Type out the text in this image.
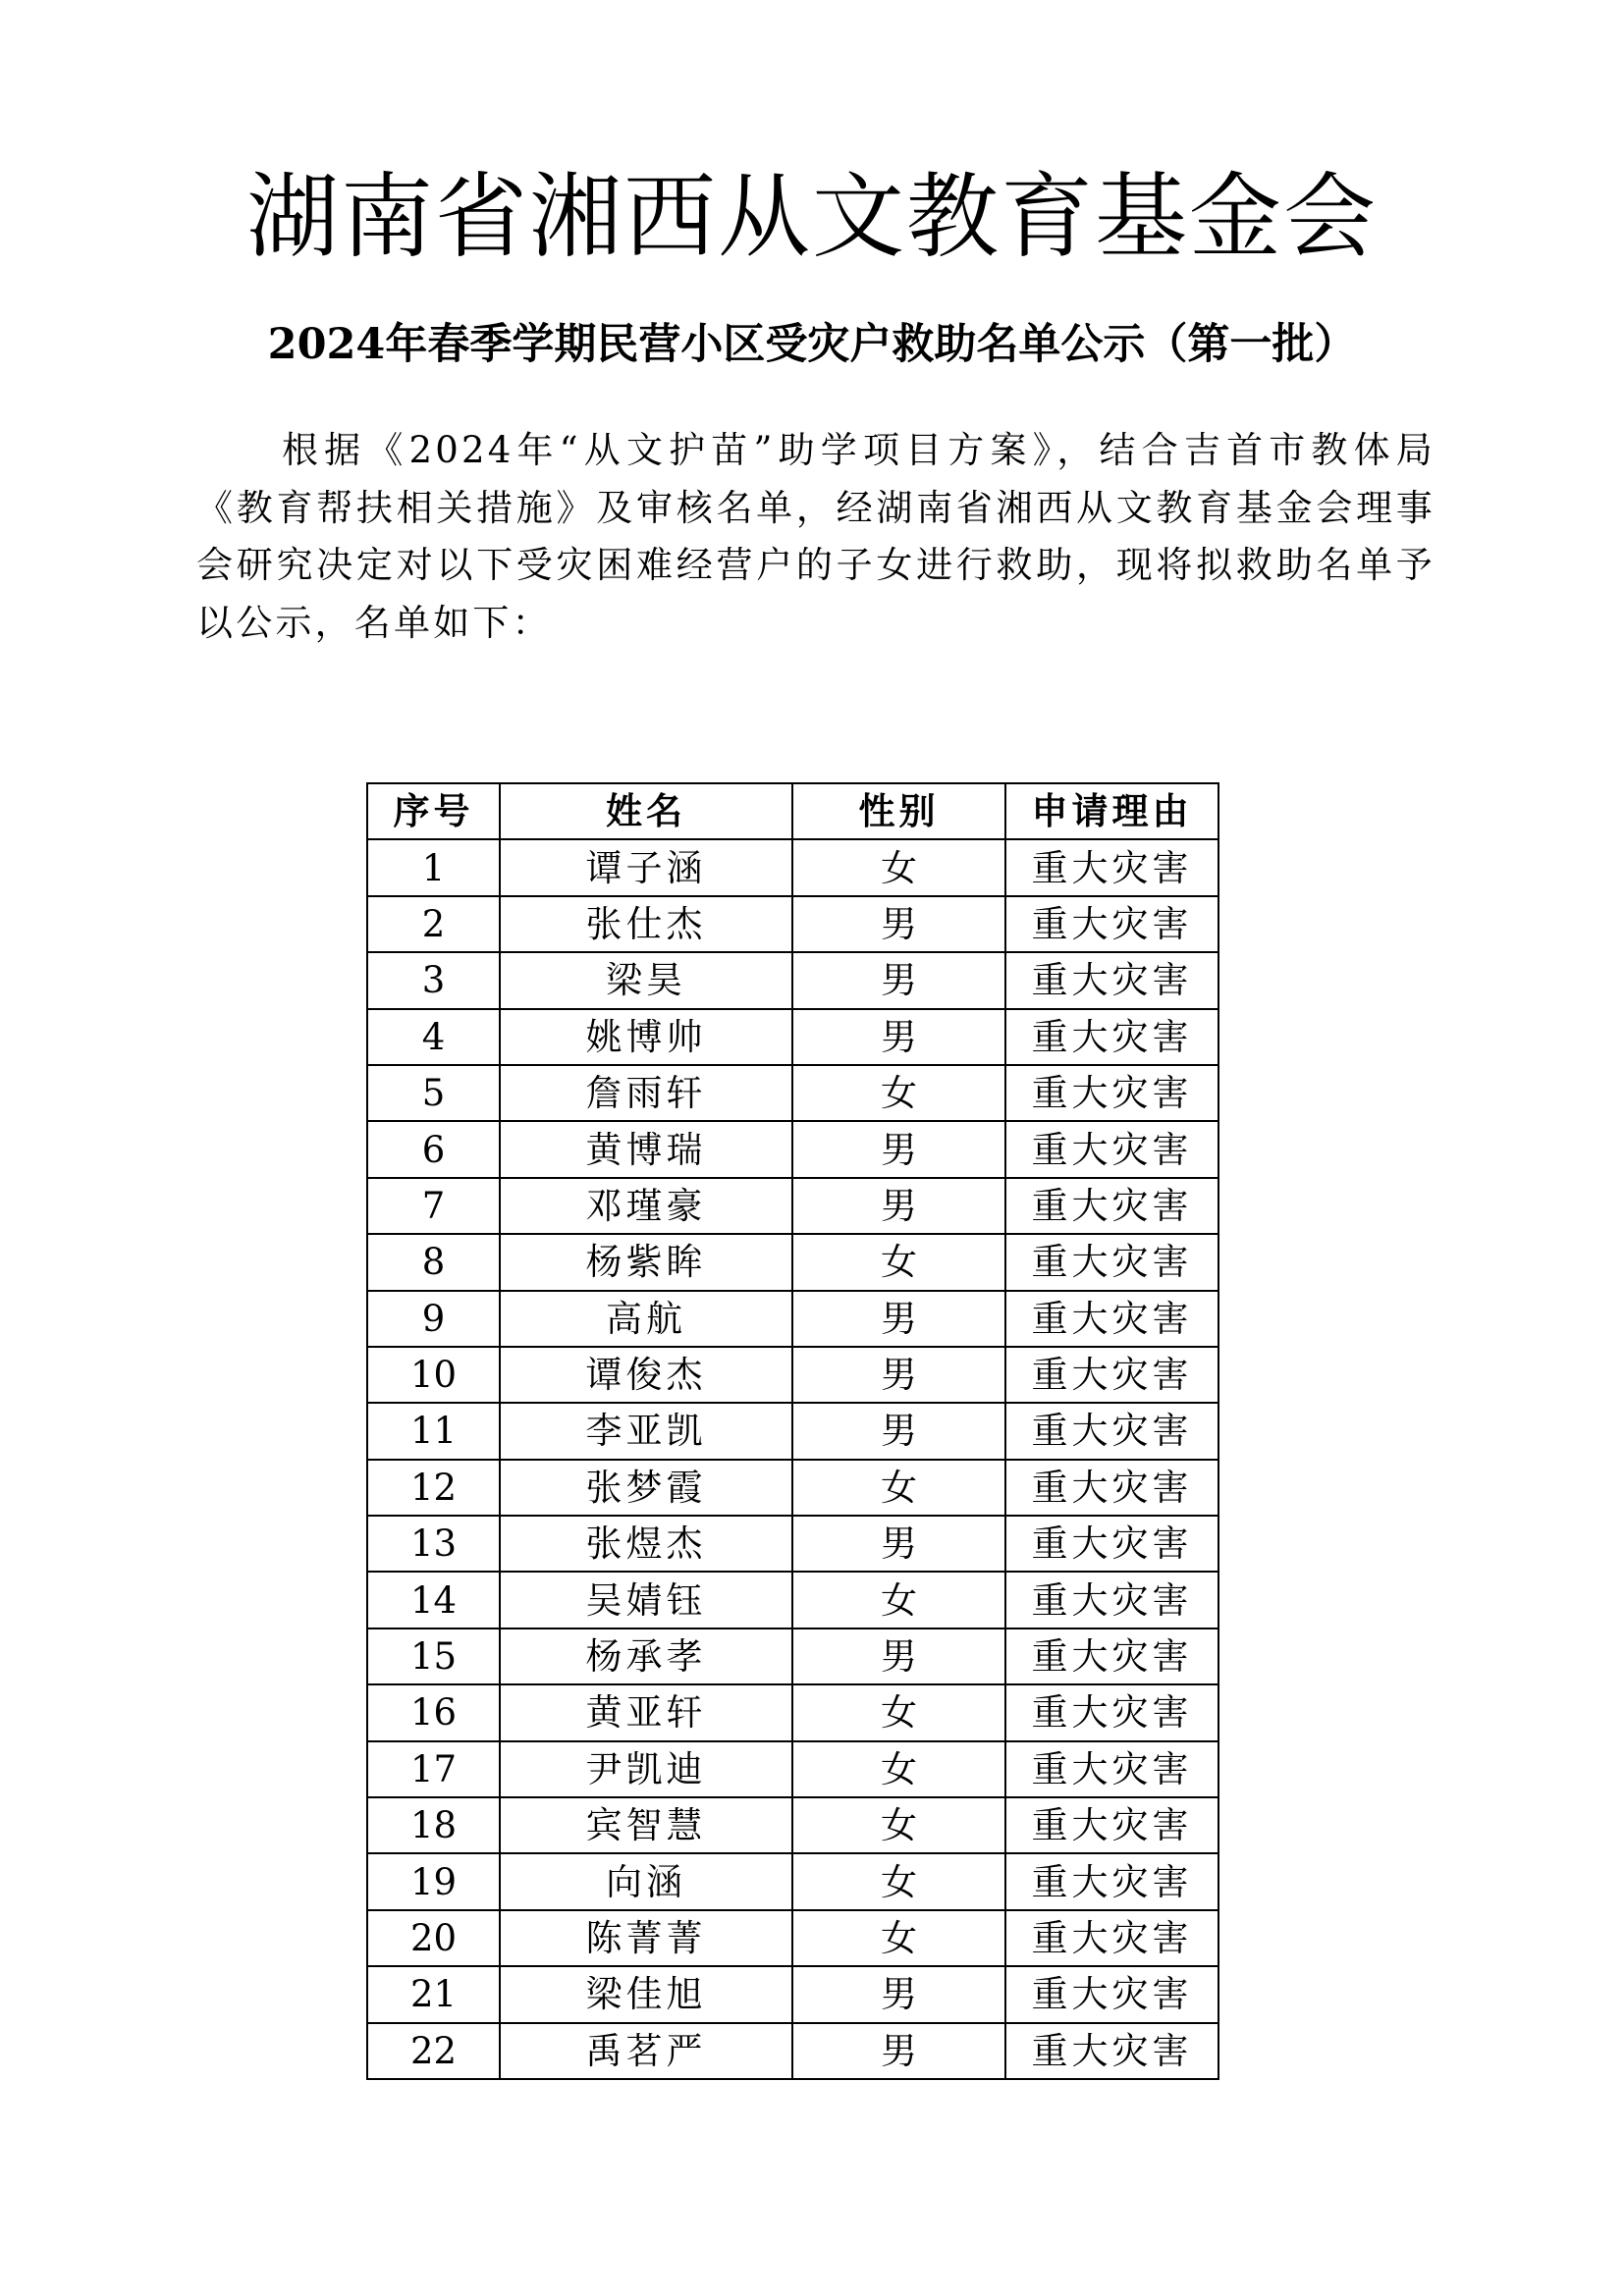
湖南省湘西从文教育基金会
2024年春季学期民营小区受灾户救助名单公示（第一批）

根据《2024年“从文护苗”助学项目方案》，结合吉首市教体局《教育帮扶相关措施》及审核名单，经湖南省湘西从文教育基金会理事会研究决定对以下受灾困难经营户的子女进行救助，现将拟救助名单予以公示，名单如下：

序号	姓名	性别	申请理由
1	谭子涵	女	重大灾害
2	张仕杰	男	重大灾害
3	梁昊	男	重大灾害
4	姚博帅	男	重大灾害
5	詹雨轩	女	重大灾害
6	黄博瑞	男	重大灾害
7	邓瑾豪	男	重大灾害
8	杨紫眸	女	重大灾害
9	高航	男	重大灾害
10	谭俊杰	男	重大灾害
11	李亚凯	男	重大灾害
12	张梦霞	女	重大灾害
13	张煜杰	男	重大灾害
14	吴婧钰	女	重大灾害
15	杨承孝	男	重大灾害
16	黄亚轩	女	重大灾害
17	尹凯迪	女	重大灾害
18	宾智慧	女	重大灾害
19	向涵	女	重大灾害
20	陈菁菁	女	重大灾害
21	梁佳旭	男	重大灾害
22	禹茗严	男	重大灾害
